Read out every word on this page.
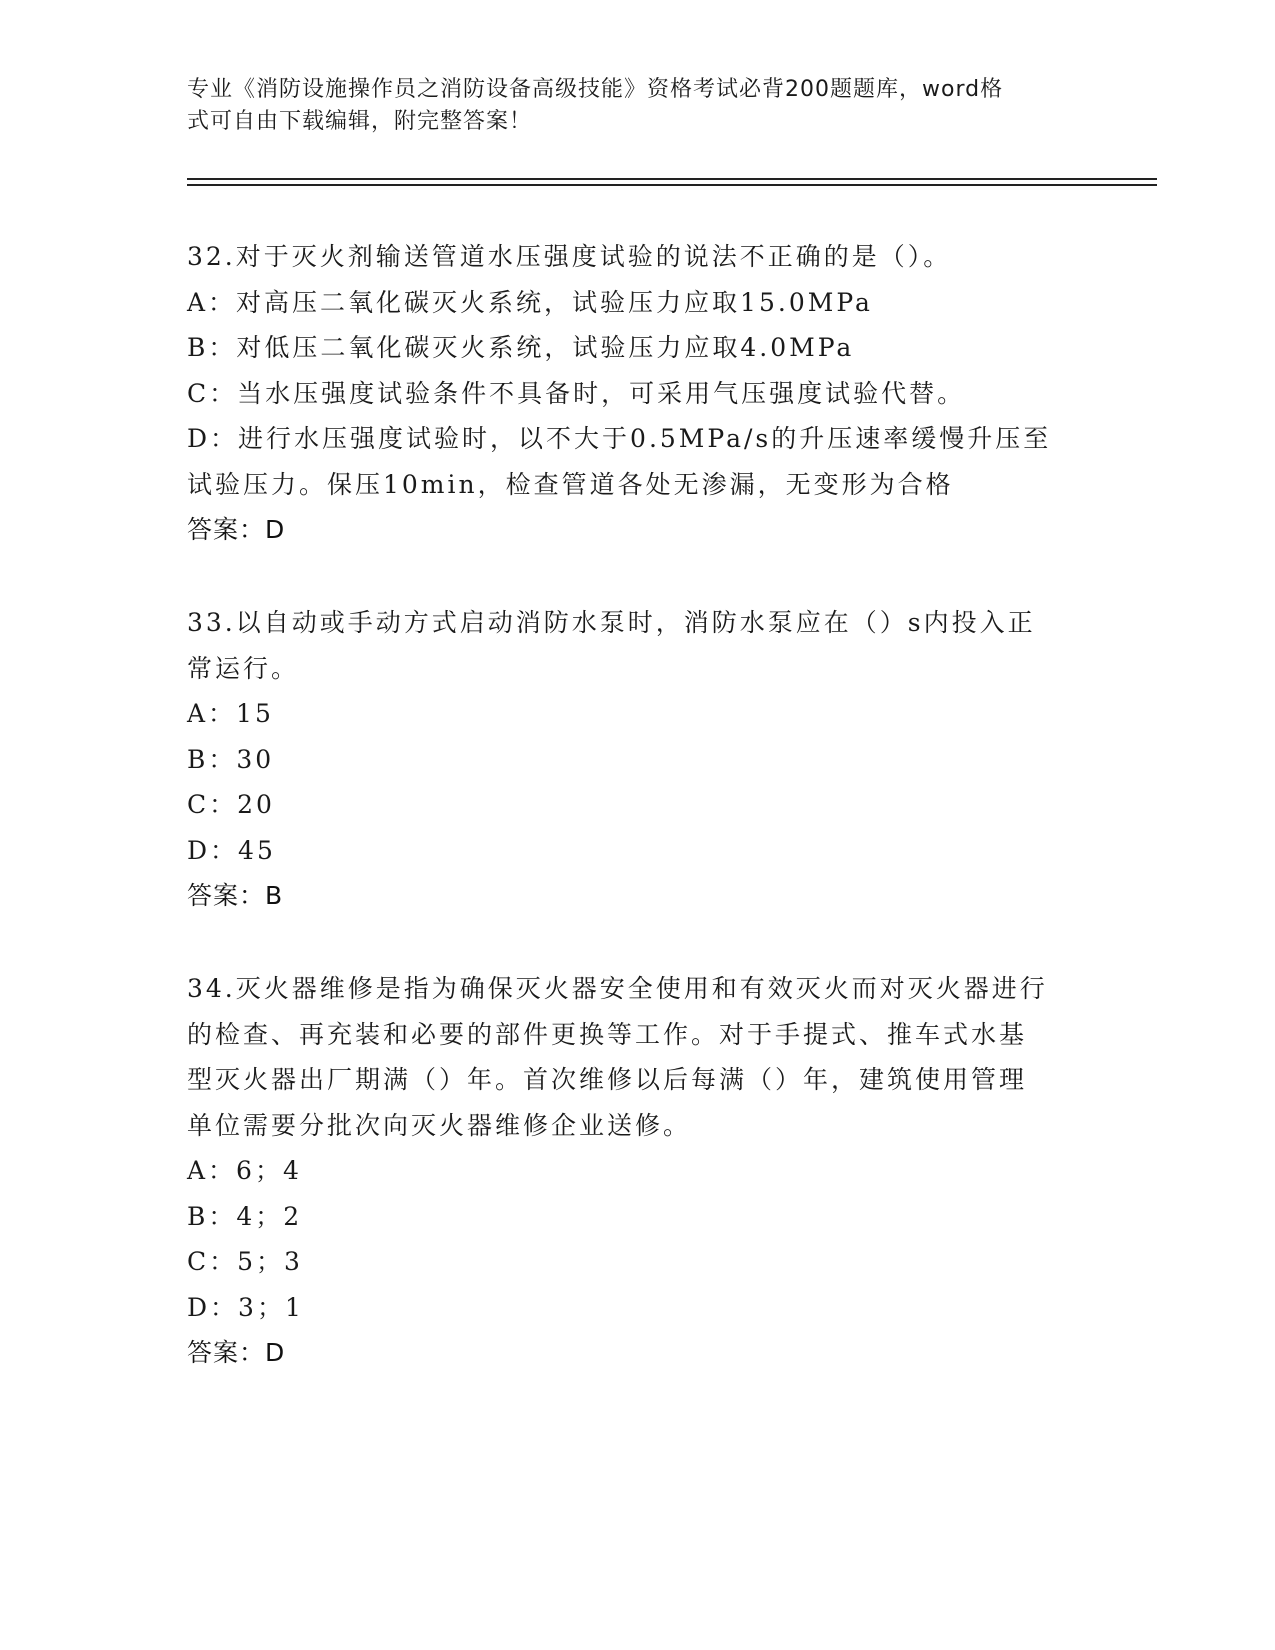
专业《消防设施操作员之消防设备高级技能》资格考试必背200题题库，word格
式可自由下载编辑，附完整答案！
32.对于灭火剂输送管道水压强度试验的说法不正确的是（）。
A：对高压二氧化碳灭火系统，试验压力应取15.0MPa
B：对低压二氧化碳灭火系统，试验压力应取4.0MPa
C：当水压强度试验条件不具备时，可采用气压强度试验代替。
D：进行水压强度试验时，以不大于0.5MPa/s的升压速率缓慢升压至
试验压力。保压10min，检查管道各处无渗漏，无变形为合格
答案：D
33.以自动或手动方式启动消防水泵时，消防水泵应在（）s内投入正
常运行。
A：15
B：30
C：20
D：45
答案：B
34.灭火器维修是指为确保灭火器安全使用和有效灭火而对灭火器进行
的检查、再充装和必要的部件更换等工作。对于手提式、推车式水基
型灭火器出厂期满（）年。首次维修以后每满（）年，建筑使用管理
单位需要分批次向灭火器维修企业送修。
A：6；4
B：4；2
C：5；3
D：3；1
答案：D
